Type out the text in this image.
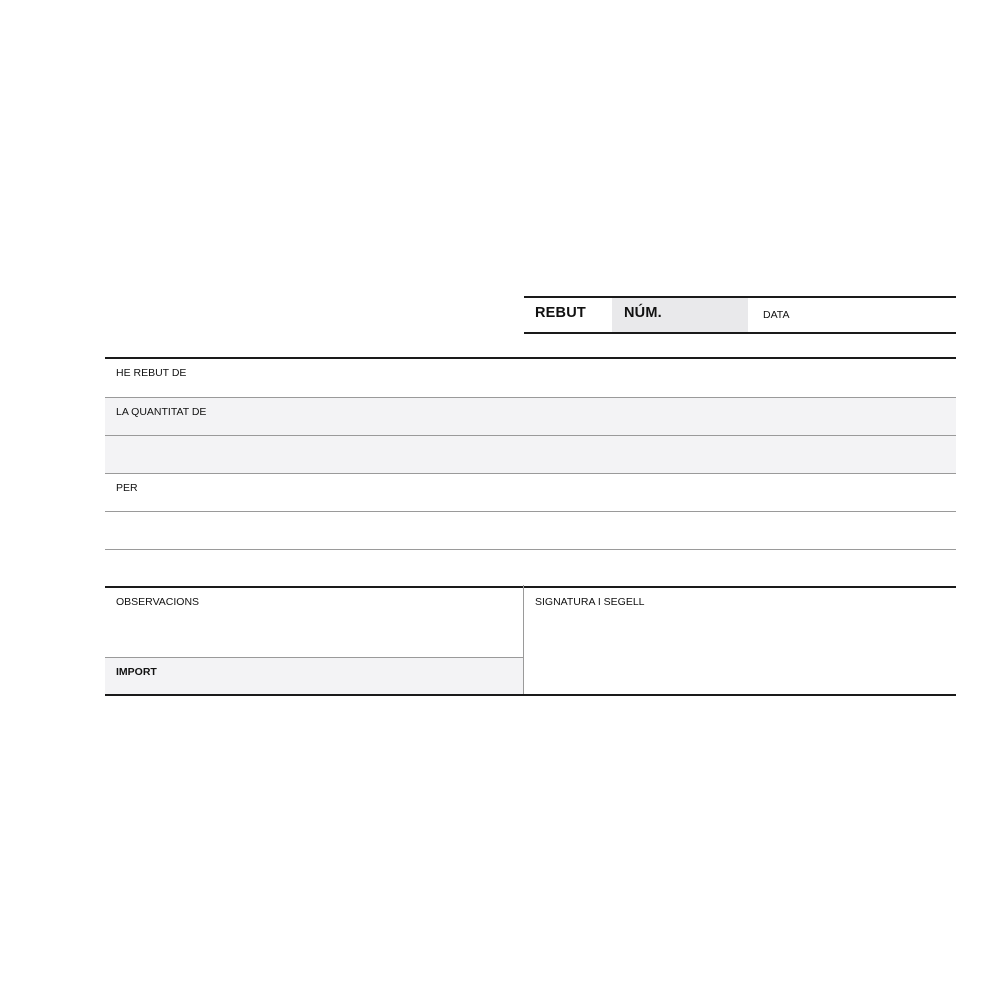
REBUT	NÚM.	DATA
HE REBUT DE
LA QUANTITAT DE
PER
OBSERVACIONS
IMPORT
SIGNATURA I SEGELL
